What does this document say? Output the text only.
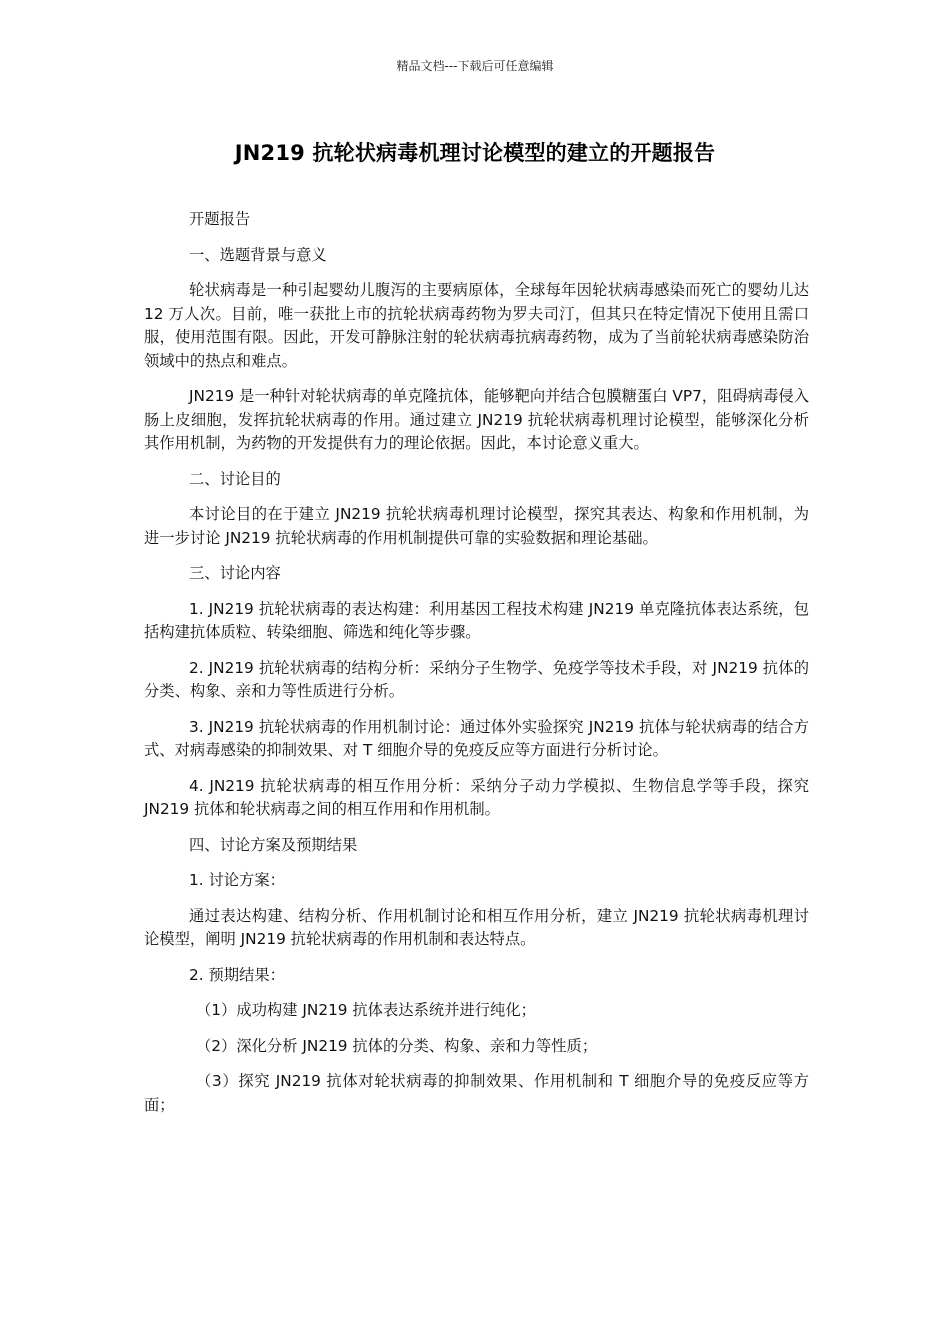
精品文档---下载后可任意编辑
JN219 抗轮状病毒机理讨论模型的建立的开题报告

开题报告

一、选题背景与意义

轮状病毒是一种引起婴幼儿腹泻的主要病原体，全球每年因轮状病毒感染而死亡的婴幼儿达 12 万人次。目前，唯一获批上市的抗轮状病毒药物为罗夫司汀，但其只在特定情况下使用且需口服，使用范围有限。因此，开发可静脉注射的轮状病毒抗病毒药物，成为了当前轮状病毒感染防治领域中的热点和难点。

JN219 是一种针对轮状病毒的单克隆抗体，能够靶向并结合包膜糖蛋白 VP7，阻碍病毒侵入肠上皮细胞，发挥抗轮状病毒的作用。通过建立 JN219 抗轮状病毒机理讨论模型，能够深化分析其作用机制，为药物的开发提供有力的理论依据。因此，本讨论意义重大。

二、讨论目的

本讨论目的在于建立 JN219 抗轮状病毒机理讨论模型，探究其表达、构象和作用机制，为进一步讨论 JN219 抗轮状病毒的作用机制提供可靠的实验数据和理论基础。

三、讨论内容

1. JN219 抗轮状病毒的表达构建：利用基因工程技术构建 JN219 单克隆抗体表达系统，包括构建抗体质粒、转染细胞、筛选和纯化等步骤。

2. JN219 抗轮状病毒的结构分析：采纳分子生物学、免疫学等技术手段，对 JN219 抗体的分类、构象、亲和力等性质进行分析。

3. JN219 抗轮状病毒的作用机制讨论：通过体外实验探究 JN219 抗体与轮状病毒的结合方式、对病毒感染的抑制效果、对 T 细胞介导的免疫反应等方面进行分析讨论。

4. JN219 抗轮状病毒的相互作用分析：采纳分子动力学模拟、生物信息学等手段，探究 JN219 抗体和轮状病毒之间的相互作用和作用机制。

四、讨论方案及预期结果

1. 讨论方案：

通过表达构建、结构分析、作用机制讨论和相互作用分析，建立 JN219 抗轮状病毒机理讨论模型，阐明 JN219 抗轮状病毒的作用机制和表达特点。

2. 预期结果：

（1）成功构建 JN219 抗体表达系统并进行纯化；

（2）深化分析 JN219 抗体的分类、构象、亲和力等性质；

（3）探究 JN219 抗体对轮状病毒的抑制效果、作用机制和 T 细胞介导的免疫反应等方面；
